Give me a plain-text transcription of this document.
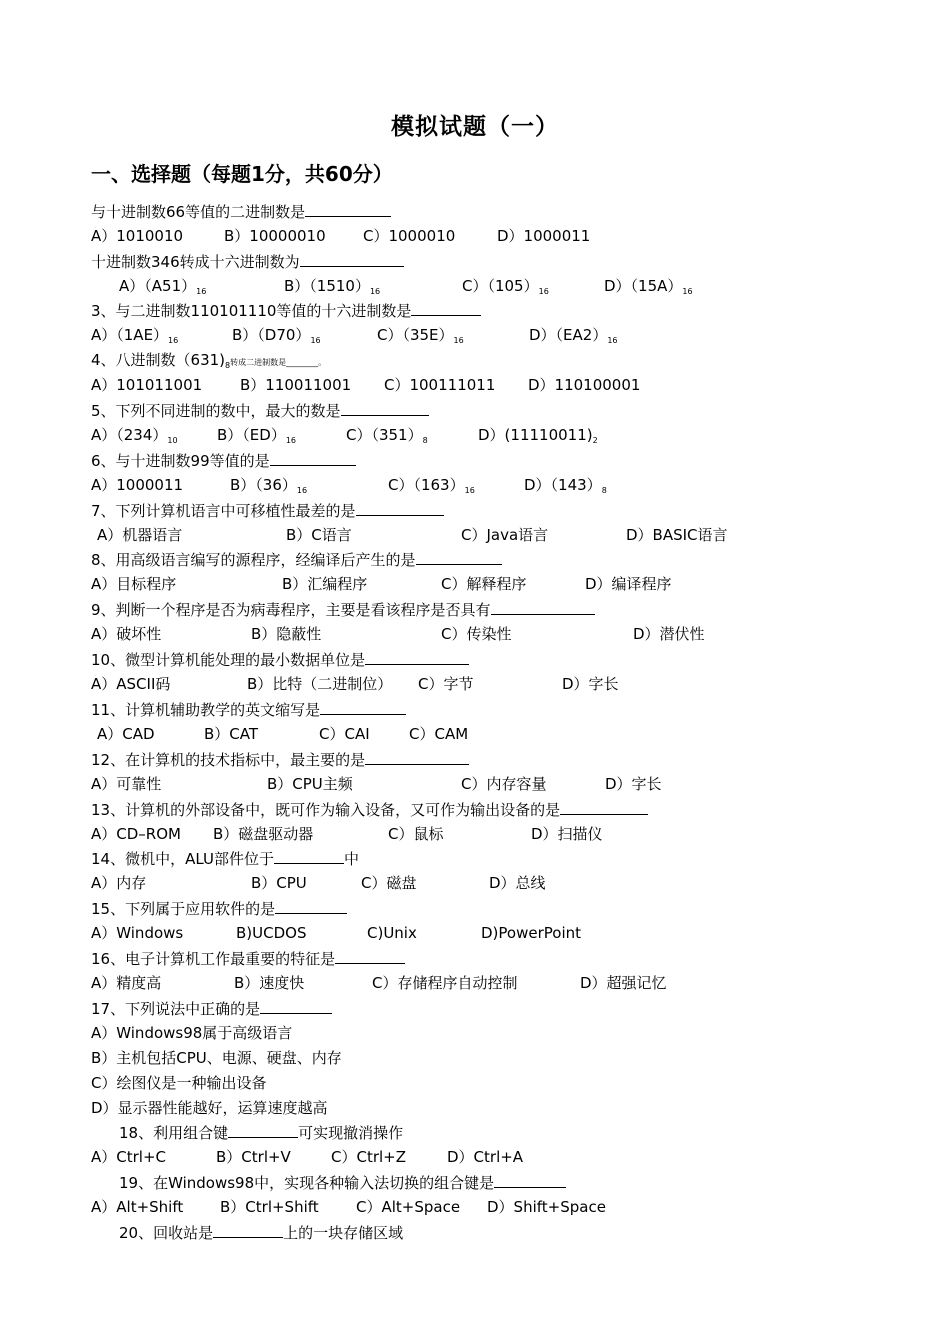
模拟试题（一）
一、选择题（每题1分，共60分）
与十进制数66等值的二进制数是
A）1010010	B）10000010 C）1000010	D）1000011
十进制数346转成十六进制数为
$A)(A51)_{16}$	$B)(1510)_{16}$	$C)(105)_{16}$	$D)(15A)_{16}$
3、与二进制数110101110等值的十六进制数是
$A)(1AE)_{16}$	$B)(D70)_{16}$	$C)(35E)_{16}$	$D)(EA2)_{16}$
4、八进制数$(631)_8$转成二进制数是________。
A）101011001	B）110011001 C）100111011 D）110100001
5、下列不同进制的数中，最大的数是
$A)(234)_{10}$	$B)(ED)_{16}$	$C)(351)_8$	$D)(11110011)_2$
6、与十进制数99等值的是
A）1000011	$B)(36)_{16}$	$C)(163)_{16}$	$D)(143)_8$
7、下列计算机语言中可移植性最差的是
A）机器语言	B）C语言	C）Java语言	D）BASIC语言
8、用高级语言编写的源程序，经编译后产生的是
A）目标程序	B）汇编程序	C）解释程序	D）编译程序
9、判断一个程序是否为病毒程序，主要是看该程序是否具有
A）破坏性	B）隐蔽性	C）传染性	D）潜伏性
10、微型计算机能处理的最小数据单位是
A）ASCII码	B）比特（二进制位） C）字节	D）字长
11、计算机辅助教学的英文缩写是
A）CAD	B）CAT	C）CAI	C）CAM
12、在计算机的技术指标中，最主要的是
A）可靠性	B）CPU主频	C）内存容量	D）字长
13、计算机的外部设备中，既可作为输入设备，又可作为输出设备的是
A）CD–ROM B）磁盘驱动器	C）鼠标	D）扫描仪
14、微机中，ALU部件位于	中
A）内存	B）CPU	C）磁盘	D）总线
15、下列属于应用软件的是
A）Windows	B)UCDOS	C)Unix	D)PowerPoint
16、电子计算机工作最重要的特征是
A）精度高	B）速度快	C）存储程序自动控制	D）超强记忆
17、下列说法中正确的是
A）Windows98属于高级语言
B）主机包括CPU、电源、硬盘、内存
C）绘图仪是一种输出设备
D）显示器性能越好，运算速度越高
18、利用组合键	可实现撤消操作
A）Ctrl+C	B）Ctrl+V	C）Ctrl+Z	D）Ctrl+A
19、在Windows98中，实现各种输入法切换的组合键是
A）Alt+Shift B）Ctrl+Shift C）Alt+Space D）Shift+Space
20、回收站是	上的一块存储区域
